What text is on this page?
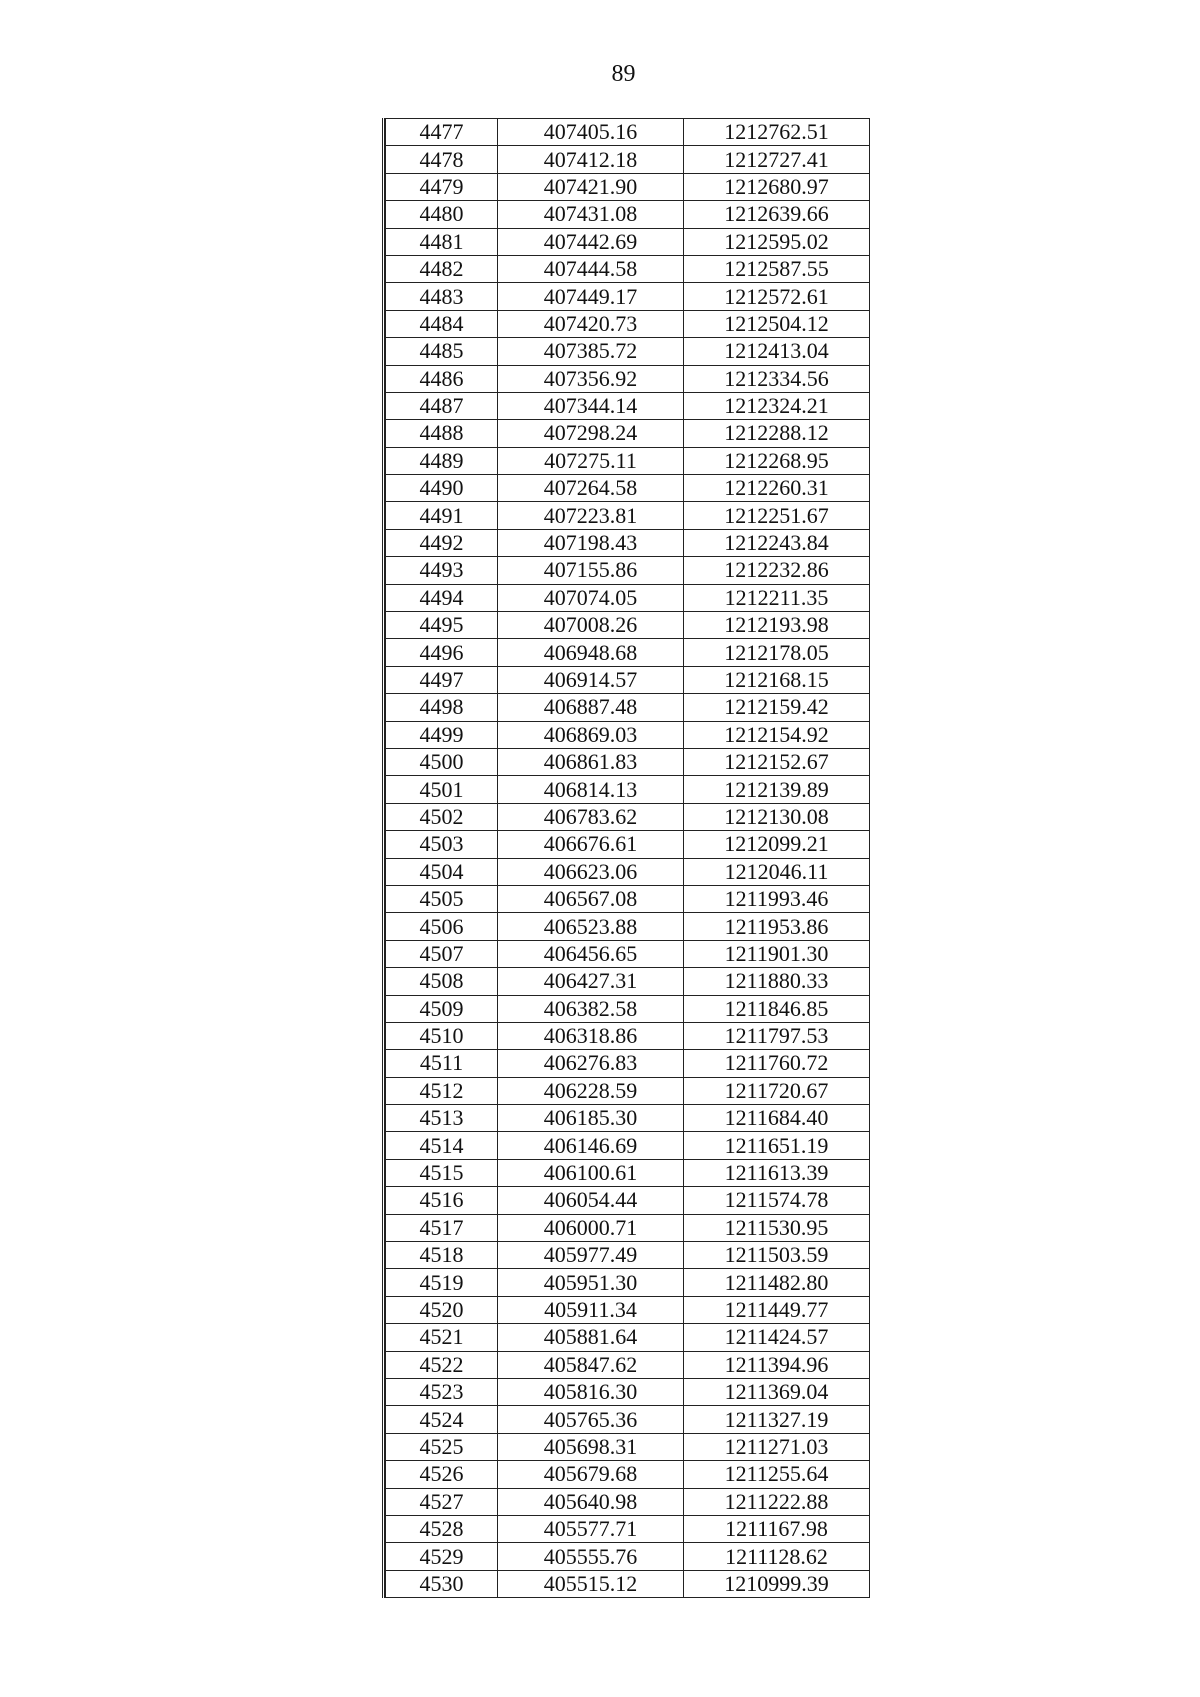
89
4477	407405.16	1212762.51
4478	407412.18	1212727.41
4479	407421.90	1212680.97
4480	407431.08	1212639.66
4481	407442.69	1212595.02
4482	407444.58	1212587.55
4483	407449.17	1212572.61
4484	407420.73	1212504.12
4485	407385.72	1212413.04
4486	407356.92	1212334.56
4487	407344.14	1212324.21
4488	407298.24	1212288.12
4489	407275.11	1212268.95
4490	407264.58	1212260.31
4491	407223.81	1212251.67
4492	407198.43	1212243.84
4493	407155.86	1212232.86
4494	407074.05	1212211.35
4495	407008.26	1212193.98
4496	406948.68	1212178.05
4497	406914.57	1212168.15
4498	406887.48	1212159.42
4499	406869.03	1212154.92
4500	406861.83	1212152.67
4501	406814.13	1212139.89
4502	406783.62	1212130.08
4503	406676.61	1212099.21
4504	406623.06	1212046.11
4505	406567.08	1211993.46
4506	406523.88	1211953.86
4507	406456.65	1211901.30
4508	406427.31	1211880.33
4509	406382.58	1211846.85
4510	406318.86	1211797.53
4511	406276.83	1211760.72
4512	406228.59	1211720.67
4513	406185.30	1211684.40
4514	406146.69	1211651.19
4515	406100.61	1211613.39
4516	406054.44	1211574.78
4517	406000.71	1211530.95
4518	405977.49	1211503.59
4519	405951.30	1211482.80
4520	405911.34	1211449.77
4521	405881.64	1211424.57
4522	405847.62	1211394.96
4523	405816.30	1211369.04
4524	405765.36	1211327.19
4525	405698.31	1211271.03
4526	405679.68	1211255.64
4527	405640.98	1211222.88
4528	405577.71	1211167.98
4529	405555.76	1211128.62
4530	405515.12	1210999.39
